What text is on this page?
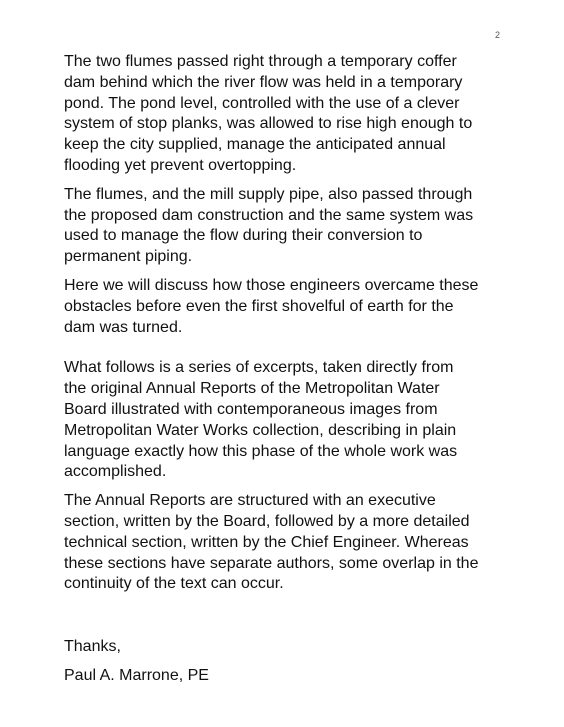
2

The two flumes passed right through a temporary coffer
dam behind which the river flow was held in a temporary
pond. The pond level, controlled with the use of a clever
system of stop planks, was allowed to rise high enough to
keep the city supplied, manage the anticipated annual
flooding yet prevent overtopping.

The flumes, and the mill supply pipe, also passed through
the proposed dam construction and the same system was
used to manage the flow during their conversion to
permanent piping.

Here we will discuss how those engineers overcame these
obstacles before even the first shovelful of earth for the
dam was turned.

What follows is a series of excerpts, taken directly from
the original Annual Reports of the Metropolitan Water
Board illustrated with contemporaneous images from
Metropolitan Water Works collection, describing in plain
language exactly how this phase of the whole work was
accomplished.

The Annual Reports are structured with an executive
section, written by the Board, followed by a more detailed
technical section, written by the Chief Engineer. Whereas
these sections have separate authors, some overlap in the
continuity of the text can occur.

Thanks,

Paul A. Marrone, PE
